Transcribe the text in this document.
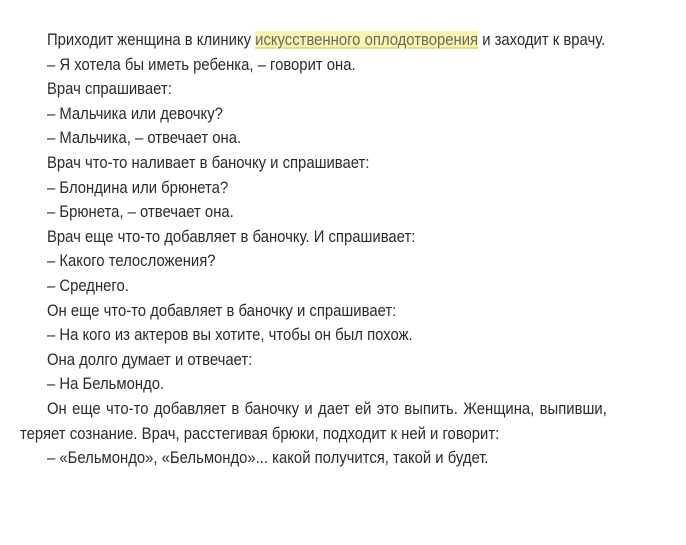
Приходит женщина в клинику искусственного оплодотворения и заходит к врачу.

– Я хотела бы иметь ребенка, – говорит она.

Врач спрашивает:

– Мальчика или девочку?

– Мальчика, – отвечает она.

Врач что-то наливает в баночку и спрашивает:

– Блондина или брюнета?

– Брюнета, – отвечает она.

Врач еще что-то добавляет в баночку. И спрашивает:

– Какого телосложения?

– Среднего.

Он еще что-то добавляет в баночку и спрашивает:

– На кого из актеров вы хотите, чтобы он был похож.

Она долго думает и отвечает:

– На Бельмондо.

Он еще что-то добавляет в баночку и дает ей это выпить. Женщина, выпивши, теряет сознание. Врач, расстегивая брюки, подходит к ней и говорит:

– «Бельмондо», «Бельмондо»... какой получится, такой и будет.
